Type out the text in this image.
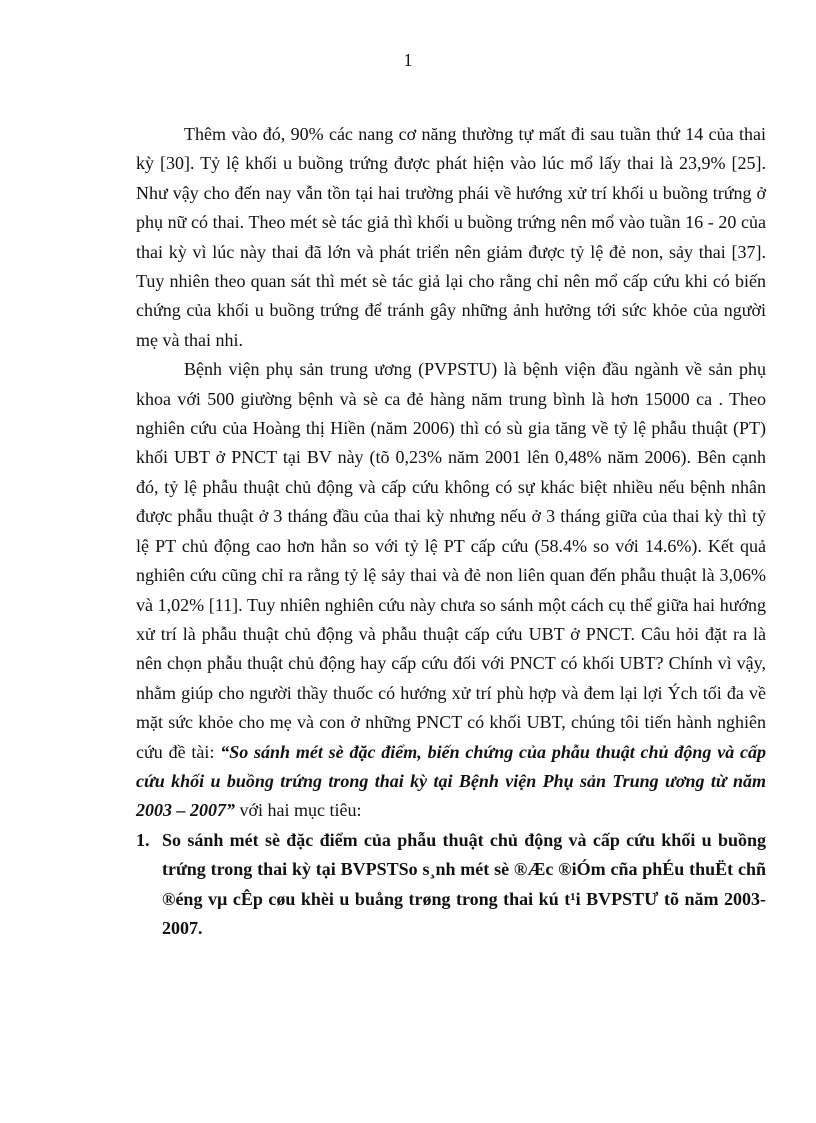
1

Thêm vào đó, 90% các nang cơ năng thường tự mất đi sau tuần thứ 14 của thai kỳ [30]. Tỷ lệ khối u buồng trứng được phát hiện vào lúc mổ lấy thai là 23,9% [25]. Như vậy cho đến nay vẫn tồn tại hai trường phái về hướng xử trí khối u buồng trứng ở phụ nữ có thai. Theo mét sè tác giả thì khối u buồng trứng nên mổ vào tuần 16 - 20 của thai kỳ vì lúc này thai đã lớn và phát triển nên giảm được tỷ lệ đẻ non, sảy thai [37]. Tuy nhiên theo quan sát thì mét sè tác giả lại cho rằng chỉ nên mổ cấp cứu khi có biến chứng của khối u buồng trứng để tránh gây những ảnh hưởng tới sức khỏe của người mẹ và thai nhi.

Bệnh viện phụ sản trung ương (PVPSTU) là bệnh viện đầu ngành về sản phụ khoa với 500 giường bệnh và sè ca đẻ hàng năm trung bình là hơn 15000 ca . Theo nghiên cứu của Hoàng thị Hiền (năm 2006) thì có sù gia tăng về tỷ lệ phẫu thuật (PT) khối UBT ở PNCT tại BV này (tõ 0,23% năm 2001 lên 0,48% năm 2006). Bên cạnh đó, tỷ lệ phẫu thuật chủ động và cấp cứu không có sự khác biệt nhiều nếu bệnh nhân được phẫu thuật ở 3 tháng đầu của thai kỳ nhưng nếu ở 3 tháng giữa của thai kỳ thì tỷ lệ PT chủ động cao hơn hẳn so với tỷ lệ PT cấp cứu (58.4% so với 14.6%). Kết quả nghiên cứu cũng chỉ ra rằng tỷ lệ sảy thai và đẻ non liên quan đến phẫu thuật là 3,06% và 1,02% [11]. Tuy nhiên nghiên cứu này chưa so sánh một cách cụ thể giữa hai hướng xử trí là phẫu thuật chủ động và phẫu thuật cấp cứu UBT ở PNCT. Câu hỏi đặt ra là nên chọn phẫu thuật chủ động hay cấp cứu đối với PNCT có khối UBT? Chính vì vậy, nhằm giúp cho người thầy thuốc có hướng xử trí phù hợp và đem lại lợi Ých tối đa về mặt sức khỏe cho mẹ và con ở những PNCT có khối UBT, chúng tôi tiến hành nghiên cứu đề tài: “So sánh mét sè đặc điểm, biến chứng của phẫu thuật chủ động và cấp cứu khối u buồng trứng trong thai kỳ tại Bệnh viện Phụ sản Trung ương từ năm 2003 – 2007” với hai mục tiêu:

1. So sánh mét sè đặc điểm của phẫu thuật chủ động và cấp cứu khối u buồng trứng trong thai kỳ tại BVPSTSo s¸nh mét sè ®Æc ®iÓm cña phÉu thuËt chñ ®éng vµ cÊp cøu khèi u buång trøng trong thai kú t¹i BVPSTƯ tõ năm 2003- 2007.
